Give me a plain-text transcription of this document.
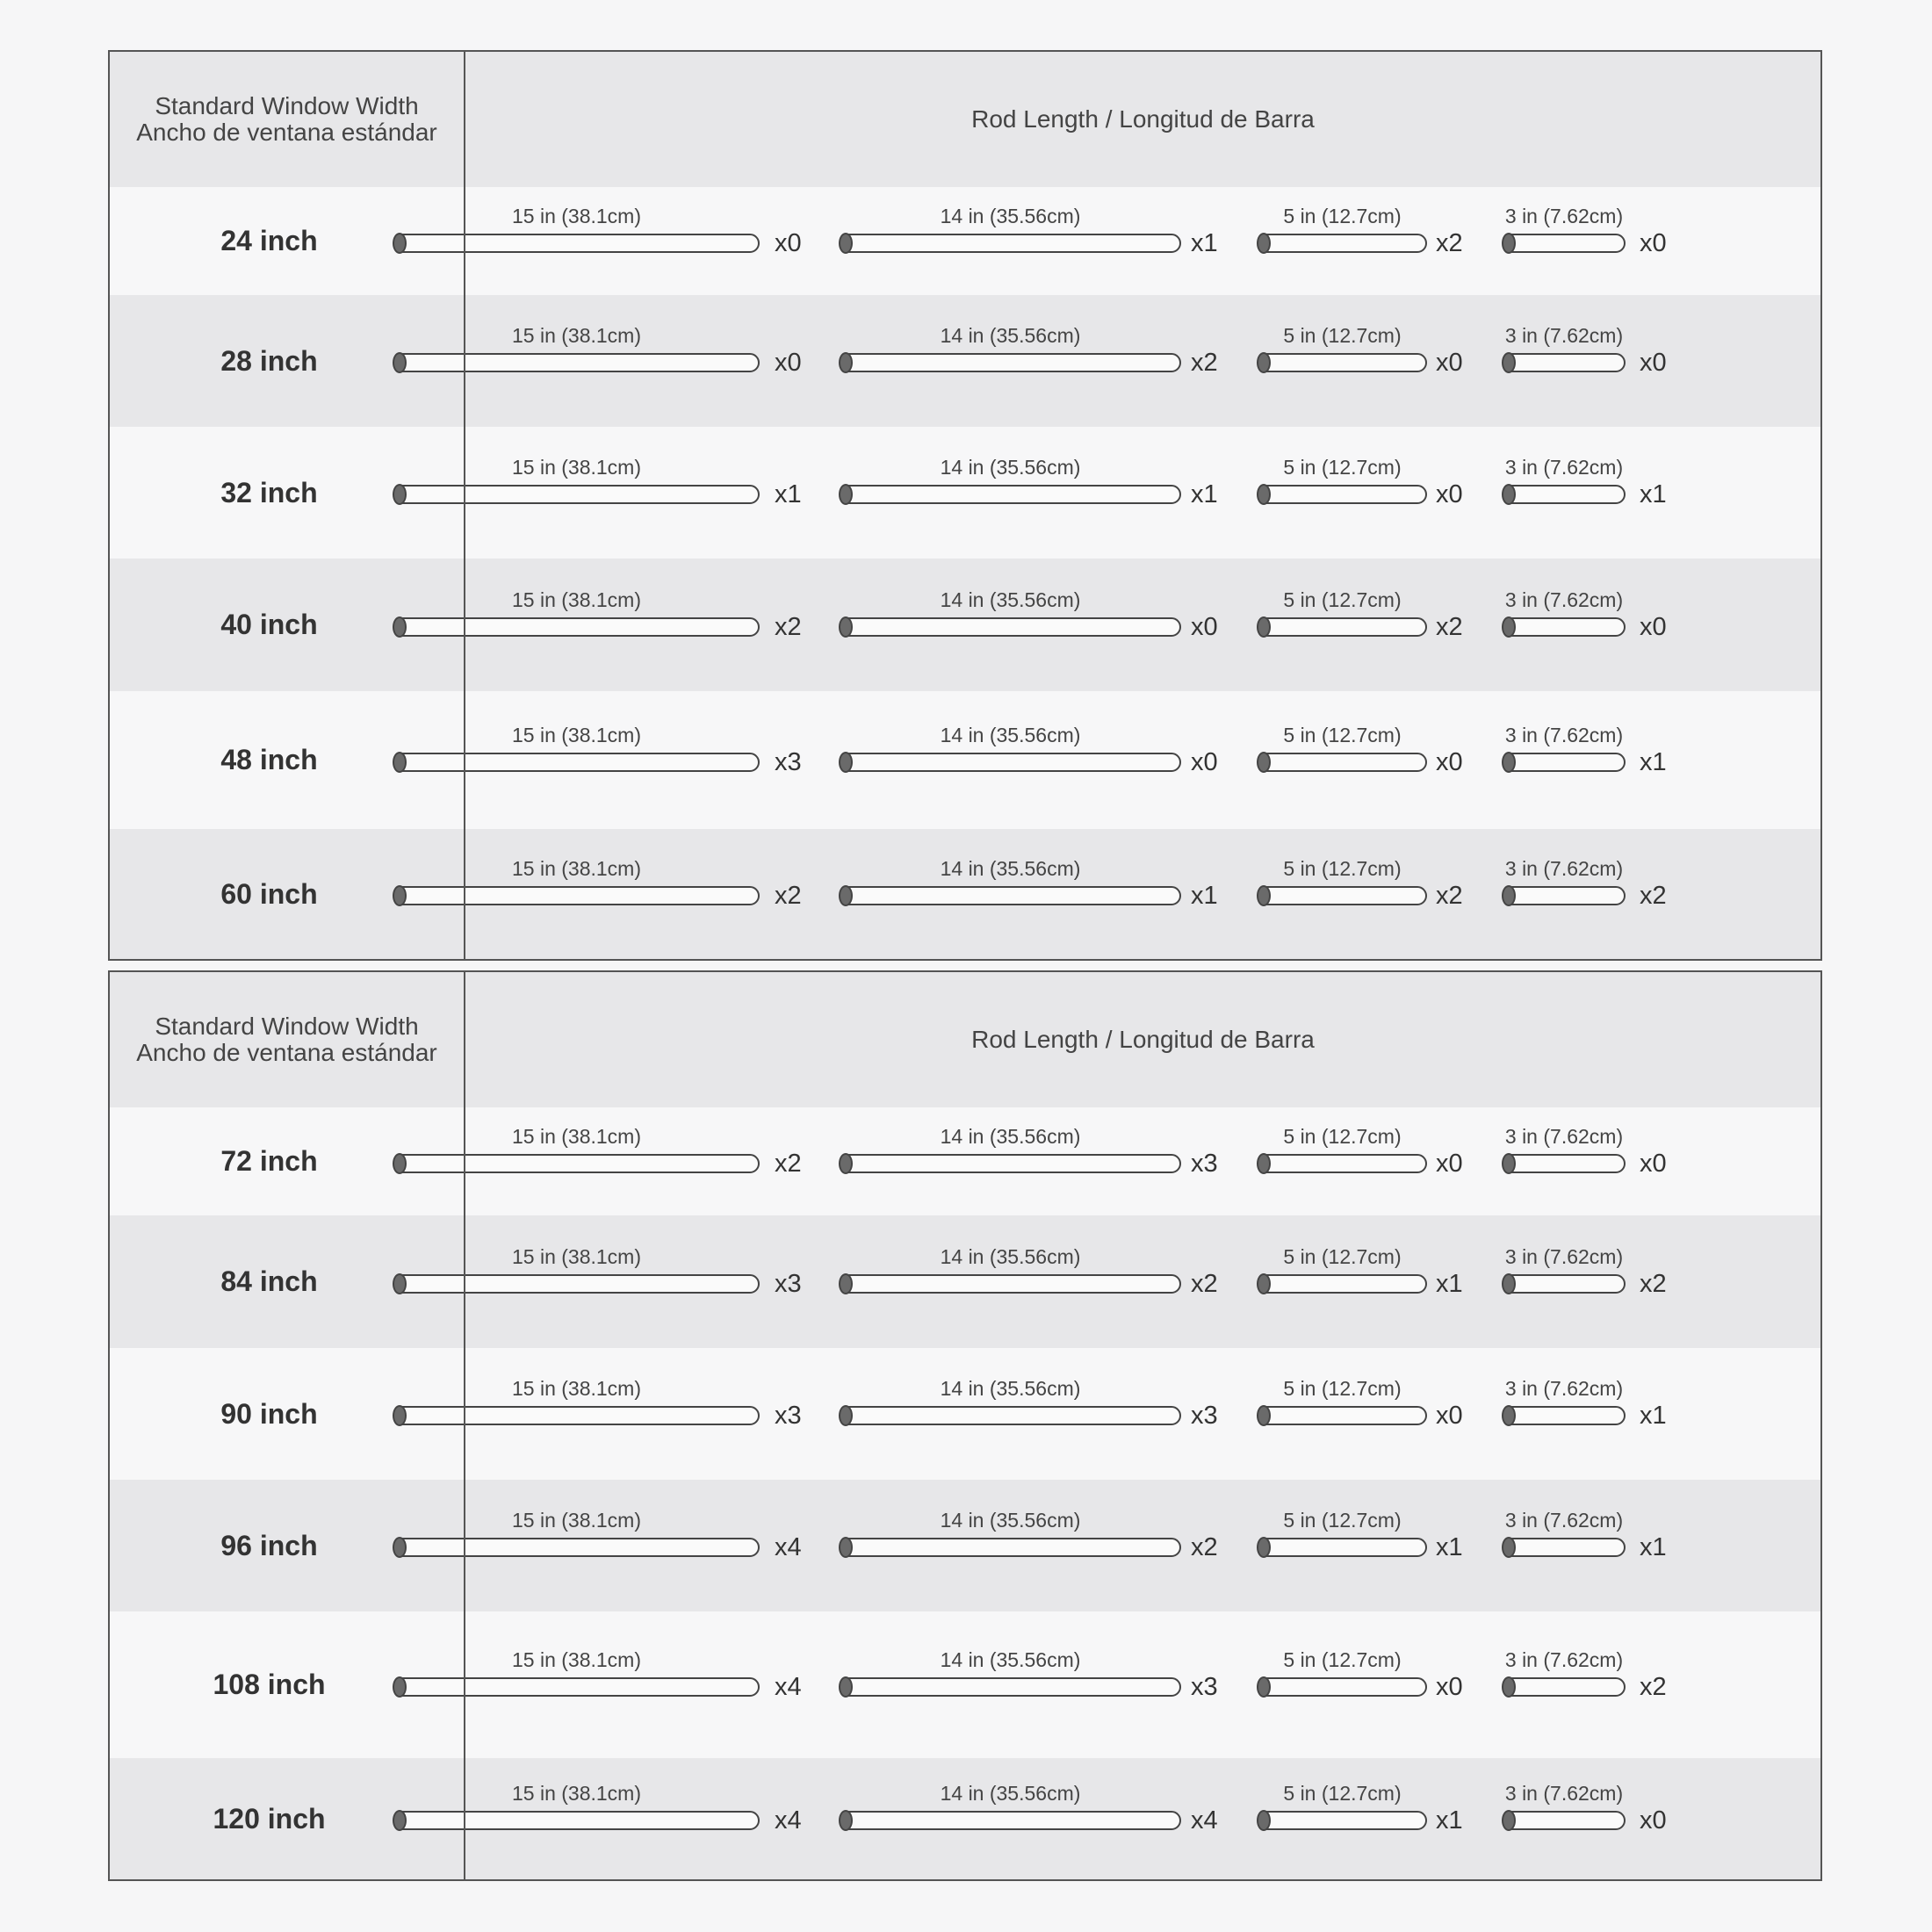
Standard Window Width
Ancho de ventana estándar	Rod Length / Longitud de Barra
24 inch
15 in (38.1cm)
x0
14 in (35.56cm)
x1
5 in (12.7cm)
x2
3 in (7.62cm)
x0
28 inch
15 in (38.1cm)
x0
14 in (35.56cm)
x2
5 in (12.7cm)
x0
3 in (7.62cm)
x0
32 inch
15 in (38.1cm)
x1
14 in (35.56cm)
x1
5 in (12.7cm)
x0
3 in (7.62cm)
x1
40 inch
15 in (38.1cm)
x2
14 in (35.56cm)
x0
5 in (12.7cm)
x2
3 in (7.62cm)
x0
48 inch
15 in (38.1cm)
x3
14 in (35.56cm)
x0
5 in (12.7cm)
x0
3 in (7.62cm)
x1
60 inch
15 in (38.1cm)
x2
14 in (35.56cm)
x1
5 in (12.7cm)
x2
3 in (7.62cm)
x2
Standard Window Width
Ancho de ventana estándar	Rod Length / Longitud de Barra
72 inch
15 in (38.1cm)
x2
14 in (35.56cm)
x3
5 in (12.7cm)
x0
3 in (7.62cm)
x0
84 inch
15 in (38.1cm)
x3
14 in (35.56cm)
x2
5 in (12.7cm)
x1
3 in (7.62cm)
x2
90 inch
15 in (38.1cm)
x3
14 in (35.56cm)
x3
5 in (12.7cm)
x0
3 in (7.62cm)
x1
96 inch
15 in (38.1cm)
x4
14 in (35.56cm)
x2
5 in (12.7cm)
x1
3 in (7.62cm)
x1
108 inch
15 in (38.1cm)
x4
14 in (35.56cm)
x3
5 in (12.7cm)
x0
3 in (7.62cm)
x2
120 inch
15 in (38.1cm)
x4
14 in (35.56cm)
x4
5 in (12.7cm)
x1
3 in (7.62cm)
x0
